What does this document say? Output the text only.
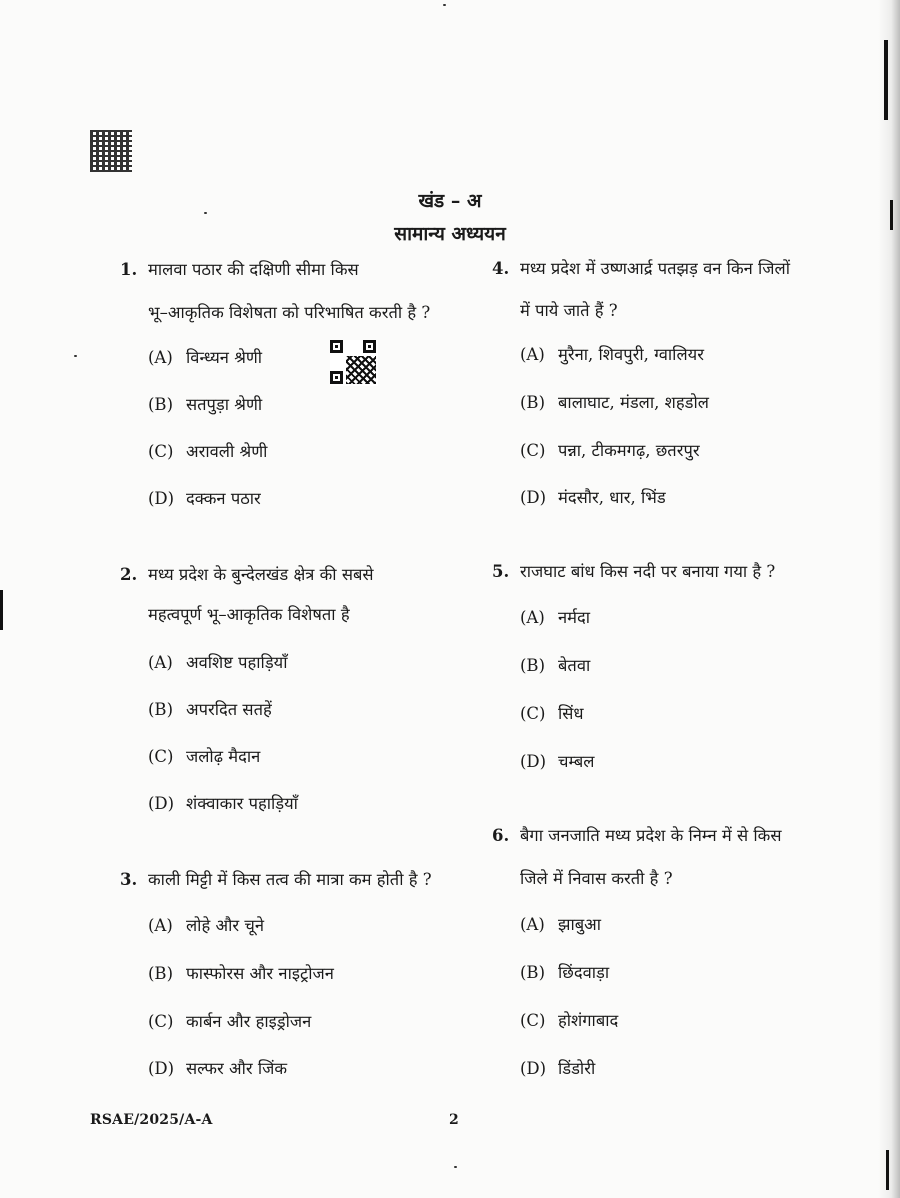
खंड – अ
सामान्य अध्ययन
1. मालवा पठार की दक्षिणी सीमा किस
भू–आकृतिक विशेषता को परिभाषित करती है ?
(A) विन्ध्यन श्रेणी
(B) सतपुड़ा श्रेणी
(C) अरावली श्रेणी
(D) दक्कन पठार
2. मध्य प्रदेश के बुन्देलखंड क्षेत्र की सबसे
महत्वपूर्ण भू–आकृतिक विशेषता है
(A) अवशिष्ट पहाड़ियाँ
(B) अपरदित सतहें
(C) जलोढ़ मैदान
(D) शंक्वाकार पहाड़ियाँ
3. काली मिट्टी में किस तत्व की मात्रा कम होती है ?
(A) लोहे और चूने
(B) फास्फोरस और नाइट्रोजन
(C) कार्बन और हाइड्रोजन
(D) सल्फर और जिंक
4. मध्य प्रदेश में उष्णआर्द्र पतझड़ वन किन जिलों
में पाये जाते हैं ?
(A) मुरैना, शिवपुरी, ग्वालियर
(B) बालाघाट, मंडला, शहडोल
(C) पन्ना, टीकमगढ़, छतरपुर
(D) मंदसौर, धार, भिंड
5. राजघाट बांध किस नदी पर बनाया गया है ?
(A) नर्मदा
(B) बेतवा
(C) सिंध
(D) चम्बल
6. बैगा जनजाति मध्य प्रदेश के निम्न में से किस
जिले में निवास करती है ?
(A) झाबुआ
(B) छिंदवाड़ा
(C) होशंगाबाद
(D) डिंडोरी
RSAE/2025/A-A	2
